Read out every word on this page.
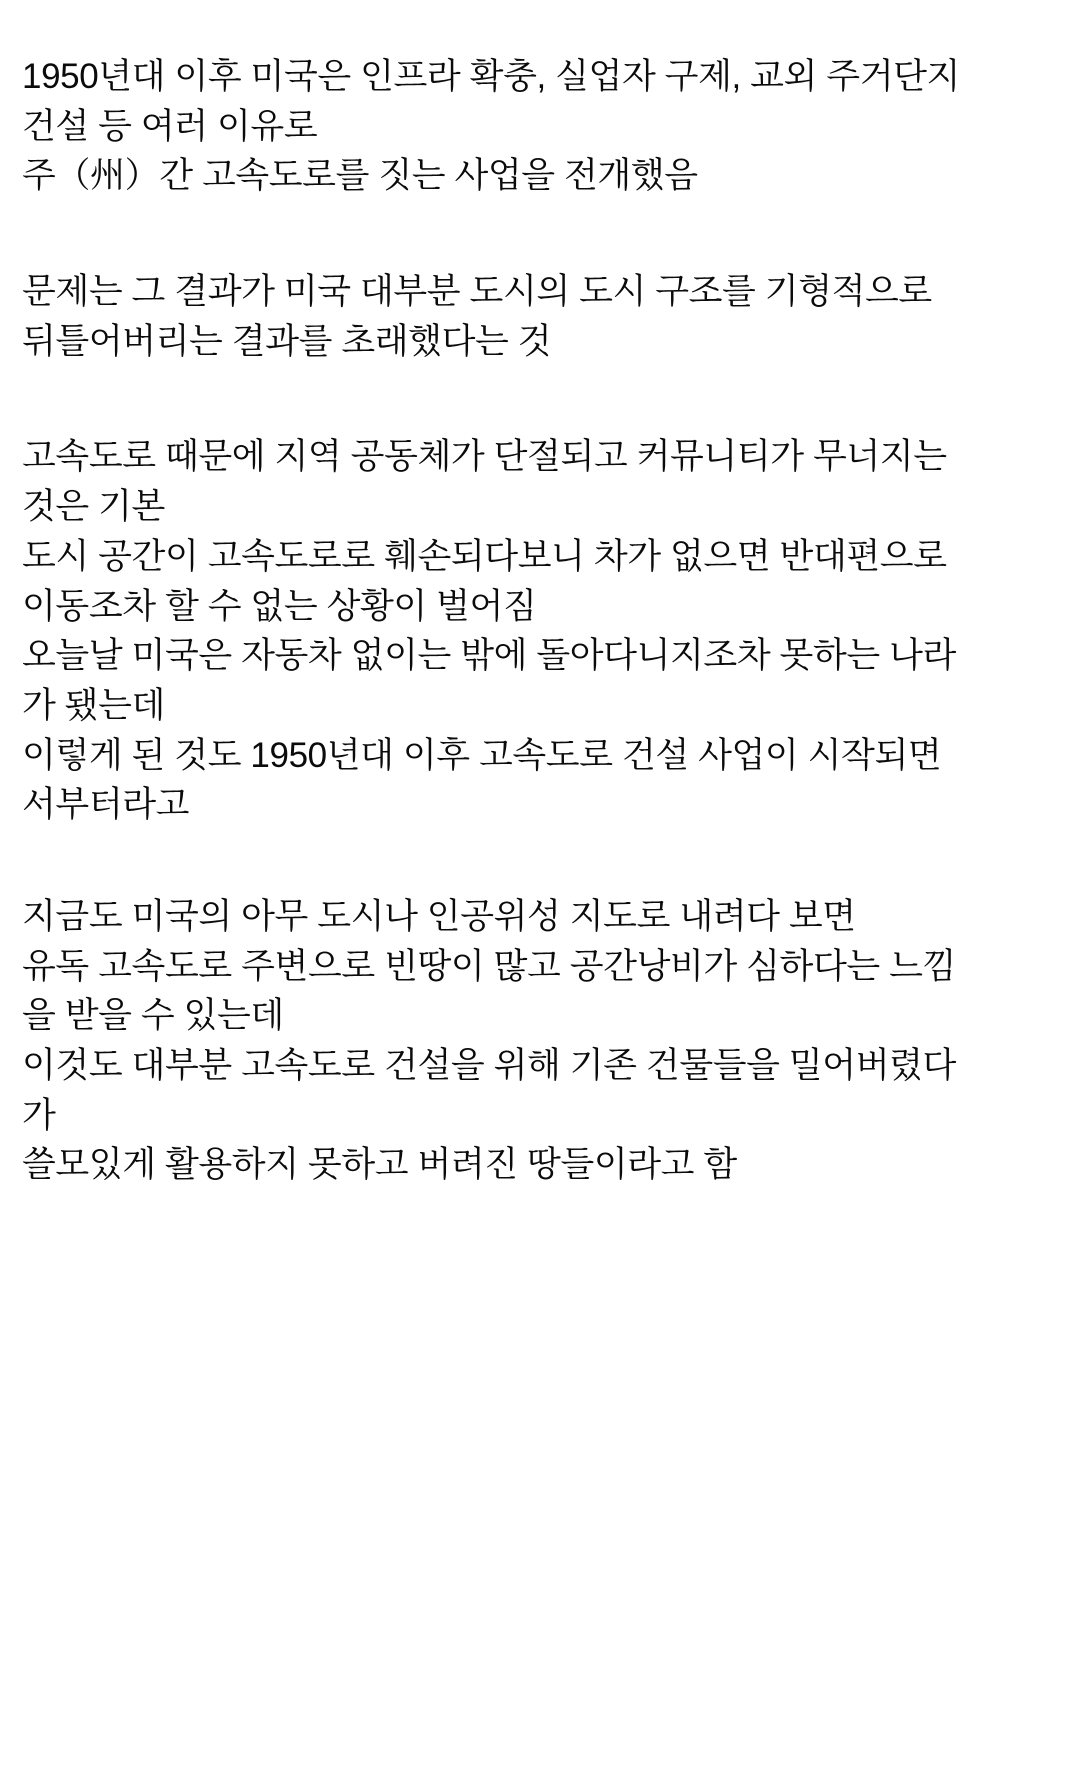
1950년대 이후 미국은 인프라 확충, 실업자 구제, 교외 주거단지
건설 등 여러 이유로

주（州）간 고속도로를 짓는 사업을 전개했음

문제는 그 결과가 미국 대부분 도시의 도시 구조를 기형적으로
뒤틀어버리는 결과를 초래했다는 것

고속도로 때문에 지역 공동체가 단절되고 커뮤니티가 무너지는
것은 기본

도시 공간이 고속도로로 훼손되다보니 차가 없으면 반대편으로
이동조차 할 수 없는 상황이 벌어짐

오늘날 미국은 자동차 없이는 밖에 돌아다니지조차 못하는 나라
가 됐는데

이렇게 된 것도 1950년대 이후 고속도로 건설 사업이 시작되면
서부터라고

지금도 미국의 아무 도시나 인공위성 지도로 내려다 보면

유독 고속도로 주변으로 빈땅이 많고 공간낭비가 심하다는 느낌
을 받을 수 있는데

이것도 대부분 고속도로 건설을 위해 기존 건물들을 밀어버렸다
가

쓸모있게 활용하지 못하고 버려진 땅들이라고 함
